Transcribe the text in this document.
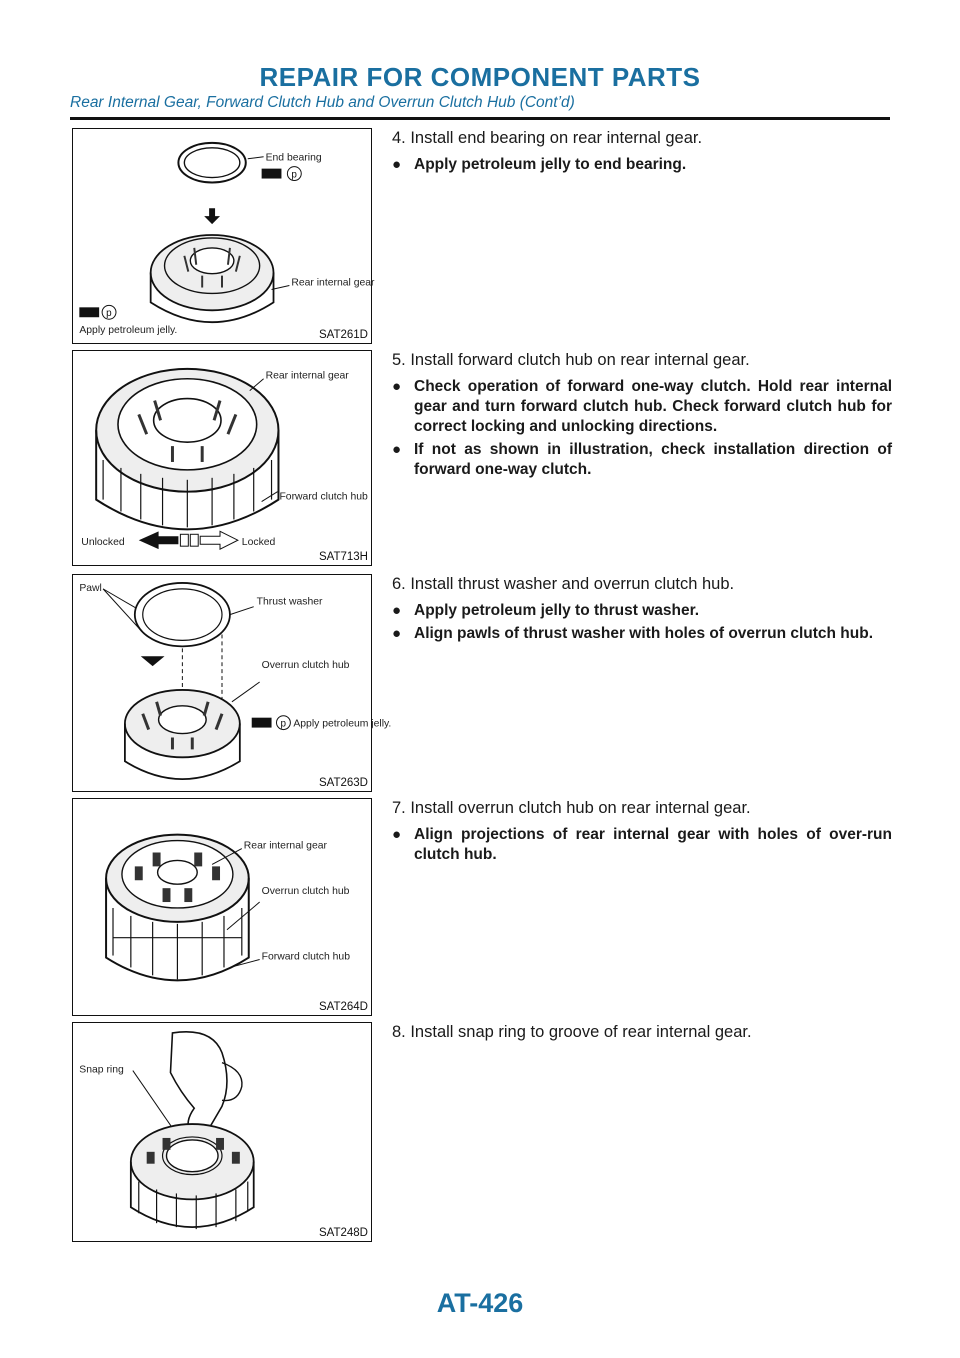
REPAIR FOR COMPONENT PARTS
Rear Internal Gear, Forward Clutch Hub and Overrun Clutch Hub (Cont’d)
End bearing
p
Rear internal gear
p
Apply petroleum jelly.	SAT261D
4. Install end bearing on rear internal gear.
● Apply petroleum jelly to end bearing.
Rear internal gear
Forward clutch hub
Unlocked	Locked
SAT713H
5. Install forward clutch hub on rear internal gear.
● Check operation of forward one-way clutch. Hold rear internal gear and turn forward clutch hub. Check forward clutch hub for correct locking and unlocking directions.
● If not as shown in illustration, check installation direction of forward one-way clutch.
Pawl
Thrust washer
Overrun clutch hub
p Apply petroleum jelly.
SAT263D
6. Install thrust washer and overrun clutch hub.
● Apply petroleum jelly to thrust washer.
● Align pawls of thrust washer with holes of overrun clutch hub.
Rear internal gear
Overrun clutch hub
Forward clutch hub
SAT264D
7. Install overrun clutch hub on rear internal gear.
● Align projections of rear internal gear with holes of over-run clutch hub.
Snap ring
SAT248D
8. Install snap ring to groove of rear internal gear.
AT-426
